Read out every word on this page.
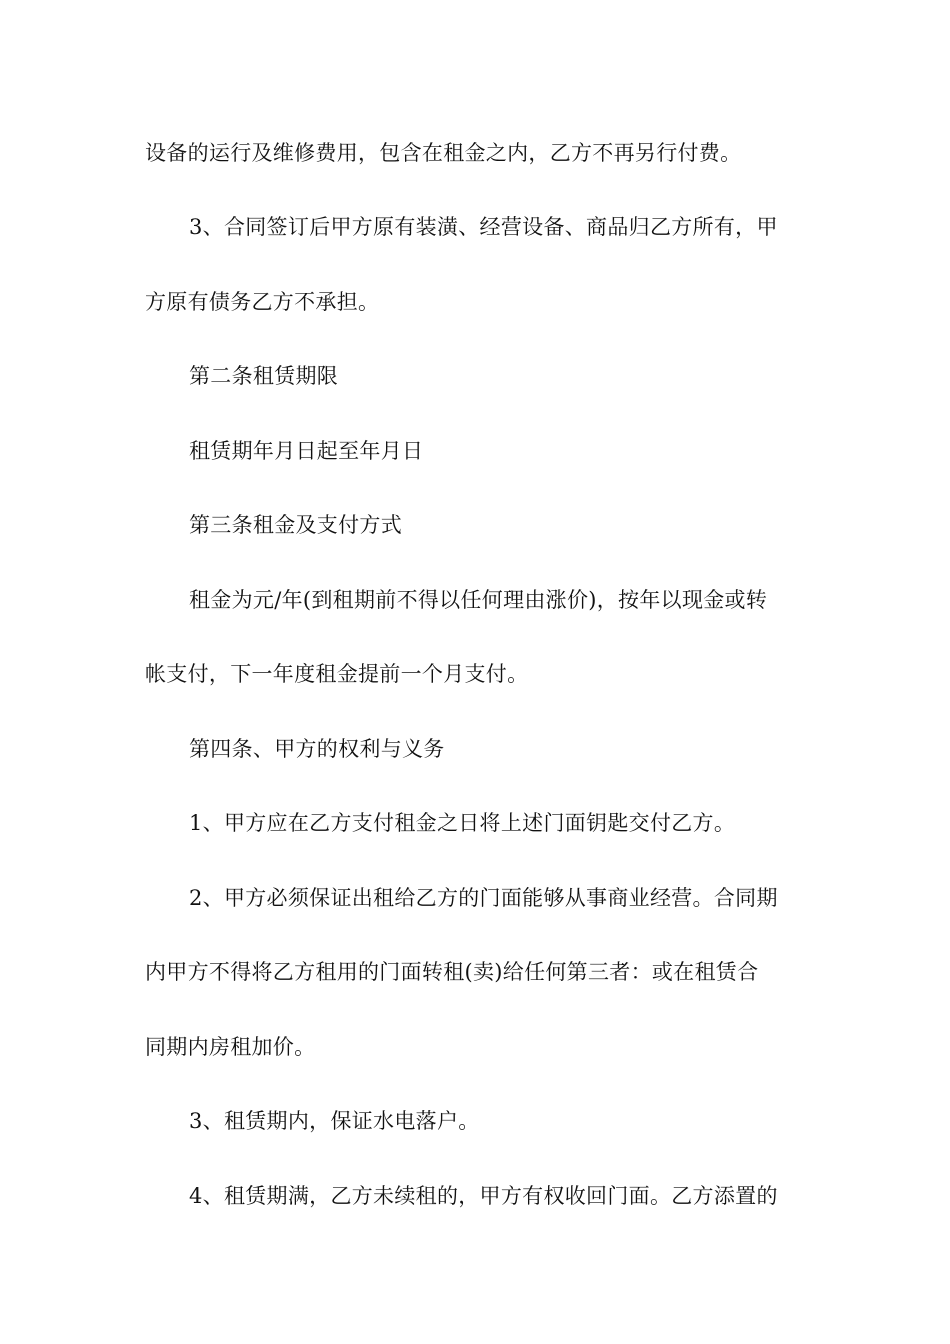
设备的运行及维修费用，包含在租金之内，乙方不再另行付费。
3、合同签订后甲方原有装潢、经营设备、商品归乙方所有，甲
方原有债务乙方不承担。
第二条租赁期限
租赁期年月日起至年月日
第三条租金及支付方式
租金为元/年(到租期前不得以任何理由涨价)，按年以现金或转
帐支付，下一年度租金提前一个月支付。
第四条、甲方的权利与义务
1、甲方应在乙方支付租金之日将上述门面钥匙交付乙方。
2、甲方必须保证出租给乙方的门面能够从事商业经营。合同期
内甲方不得将乙方租用的门面转租(卖)给任何第三者：或在租赁合
同期内房租加价。
3、租赁期内，保证水电落户。
4、租赁期满，乙方未续租的，甲方有权收回门面。乙方添置的
